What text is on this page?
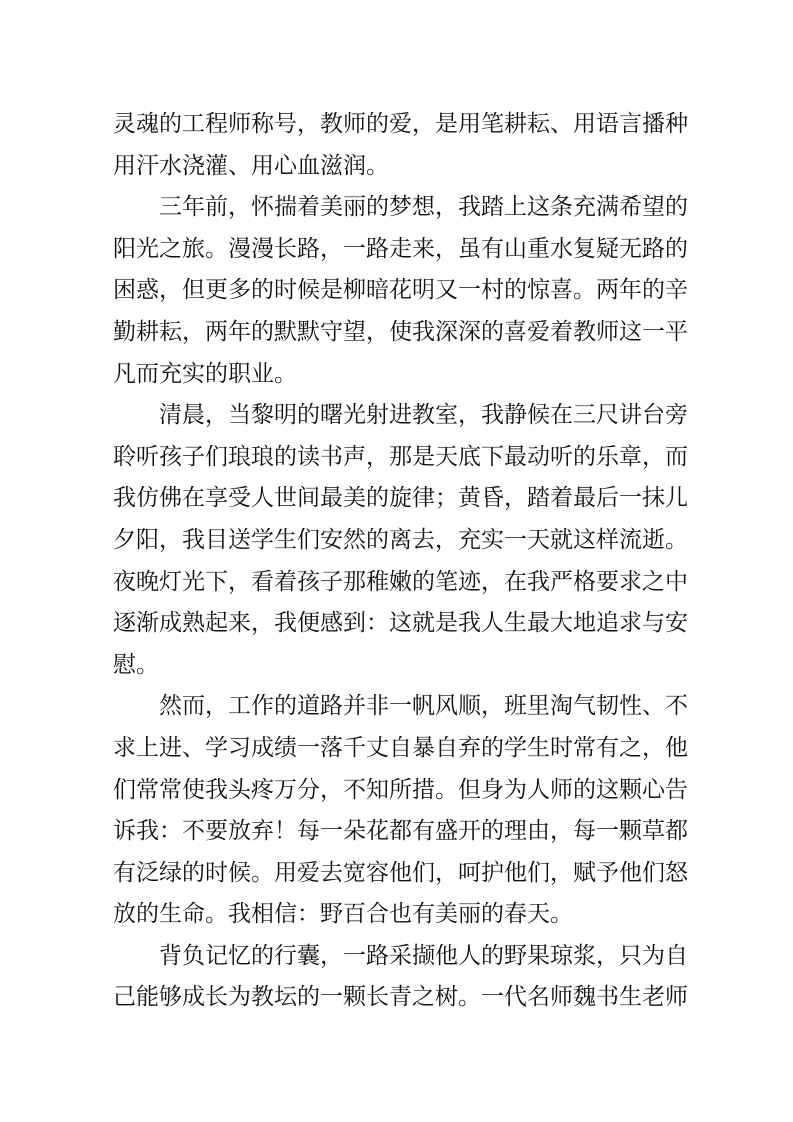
灵魂的工程师称号，教师的爱，是用笔耕耘、用语言播种用汗水浇灌、用心血滋润。

三年前，怀揣着美丽的梦想，我踏上这条充满希望的阳光之旅。漫漫长路，一路走来，虽有山重水复疑无路的困惑，但更多的时候是柳暗花明又一村的惊喜。两年的辛勤耕耘，两年的默默守望，使我深深的喜爱着教师这一平凡而充实的职业。

清晨，当黎明的曙光射进教室，我静候在三尺讲台旁聆听孩子们琅琅的读书声，那是天底下最动听的乐章，而我仿佛在享受人世间最美的旋律；黄昏，踏着最后一抹儿夕阳，我目送学生们安然的离去，充实一天就这样流逝。夜晚灯光下，看着孩子那稚嫩的笔迹，在我严格要求之中逐渐成熟起来，我便感到：这就是我人生最大地追求与安慰。

然而，工作的道路并非一帆风顺，班里淘气韧性、不求上进、学习成绩一落千丈自暴自弃的学生时常有之，他们常常使我头疼万分，不知所措。但身为人师的这颗心告诉我：不要放弃！每一朵花都有盛开的理由，每一颗草都有泛绿的时候。用爱去宽容他们，呵护他们，赋予他们怒放的生命。我相信：野百合也有美丽的春天。

背负记忆的行囊，一路采撷他人的野果琼浆，只为自己能够成长为教坛的一颗长青之树。一代名师魏书生老师
